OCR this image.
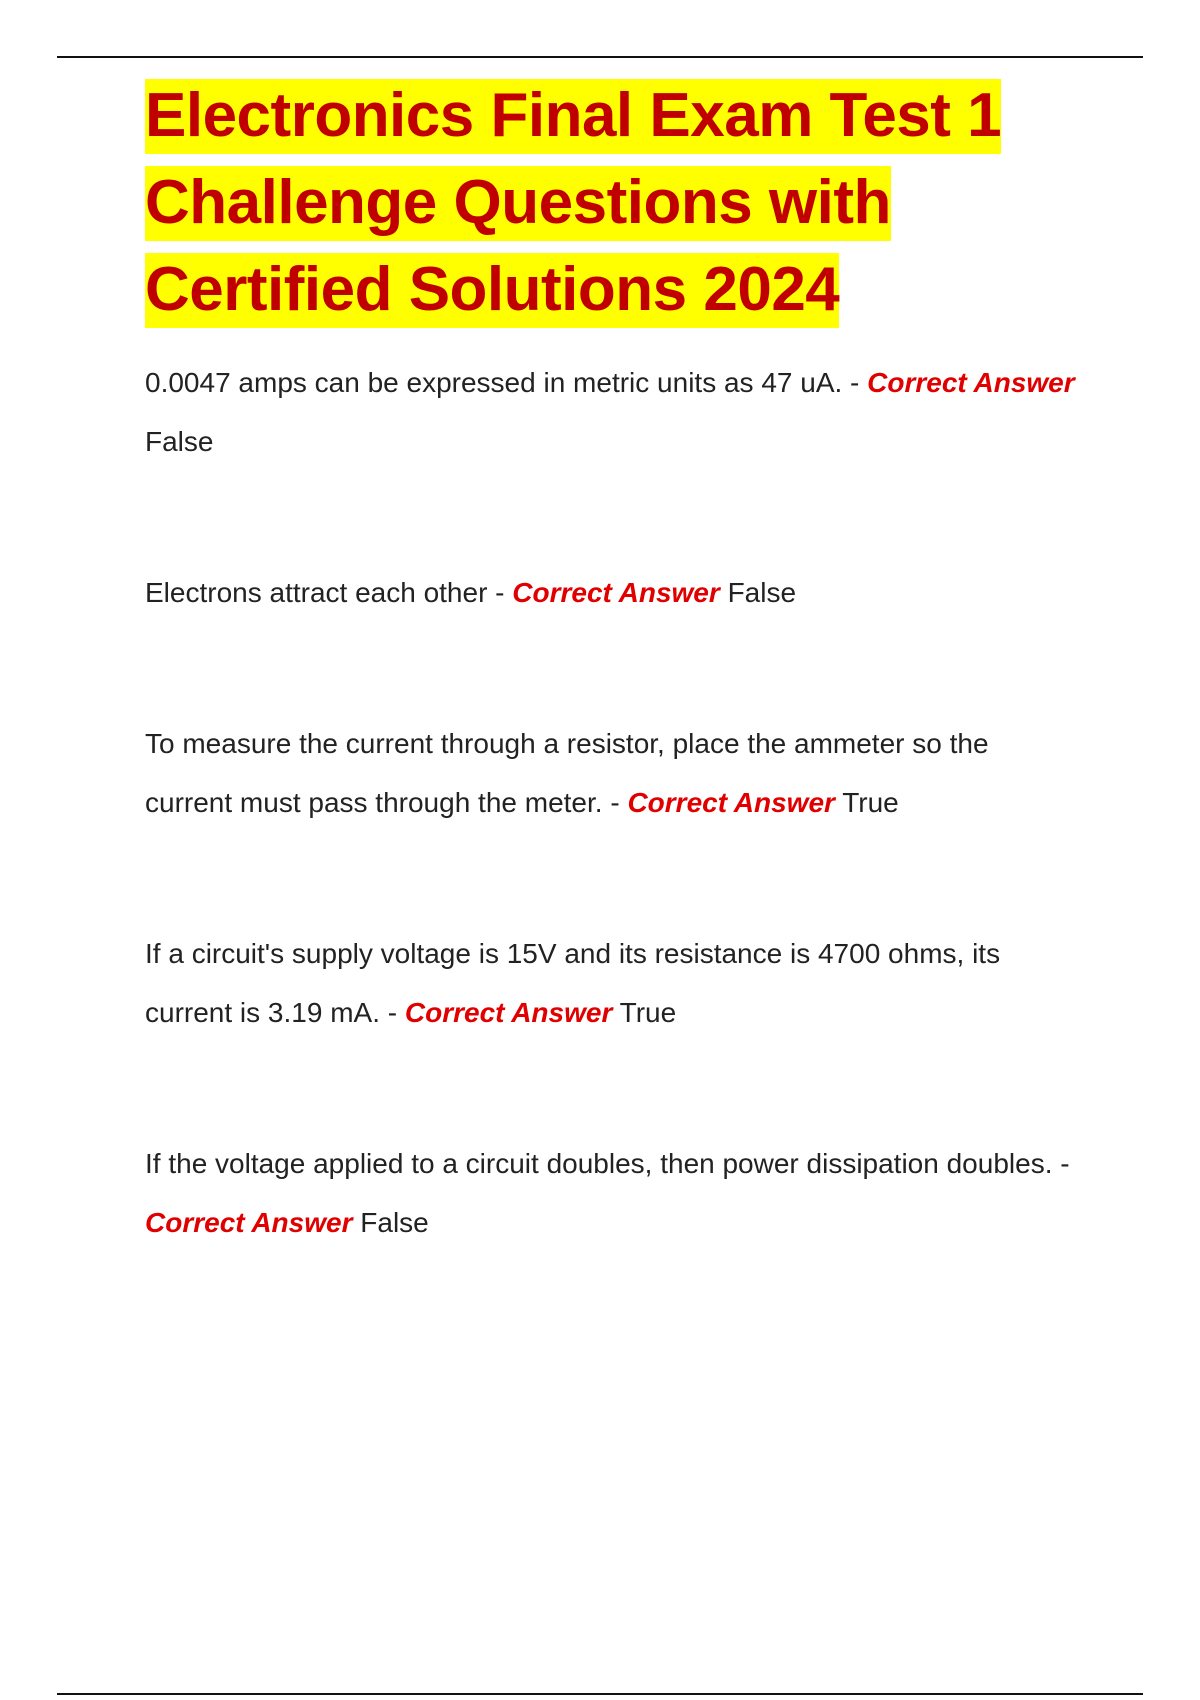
Electronics Final Exam Test 1 Challenge Questions with Certified Solutions 2024

0.0047 amps can be expressed in metric units as 47 uA. - Correct Answer False

Electrons attract each other - Correct Answer False

To measure the current through a resistor, place the ammeter so the current must pass through the meter. - Correct Answer True

If a circuit's supply voltage is 15V and its resistance is 4700 ohms, its current is 3.19 mA. - Correct Answer True

If the voltage applied to a circuit doubles, then power dissipation doubles. - Correct Answer False
